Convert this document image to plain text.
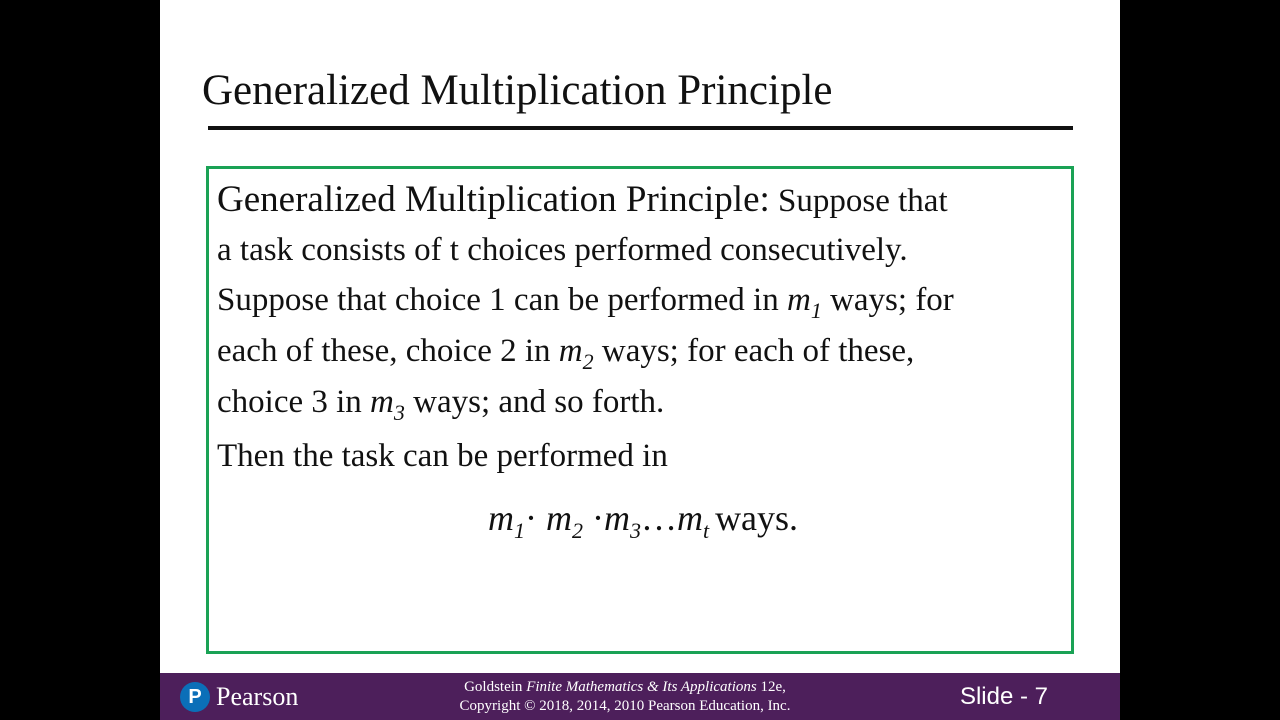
Generalized Multiplication Principle
Generalized Multiplication Principle: Suppose that
a task consists of t choices performed consecutively.
Suppose that choice 1 can be performed in $m_1$ ways; for
each of these, choice 2 in $m_2$ ways; for each of these,
choice 3 in $m_3$ ways; and so forth.
Then the task can be performed in
$m_1\cdot m_2$ $\cdot m_3\dots m_t$ ways.
P Pearson	Goldstein Finite Mathematics & Its Applications 12e,
Copyright © 2018, 2014, 2010 Pearson Education, Inc.	Slide - 7
